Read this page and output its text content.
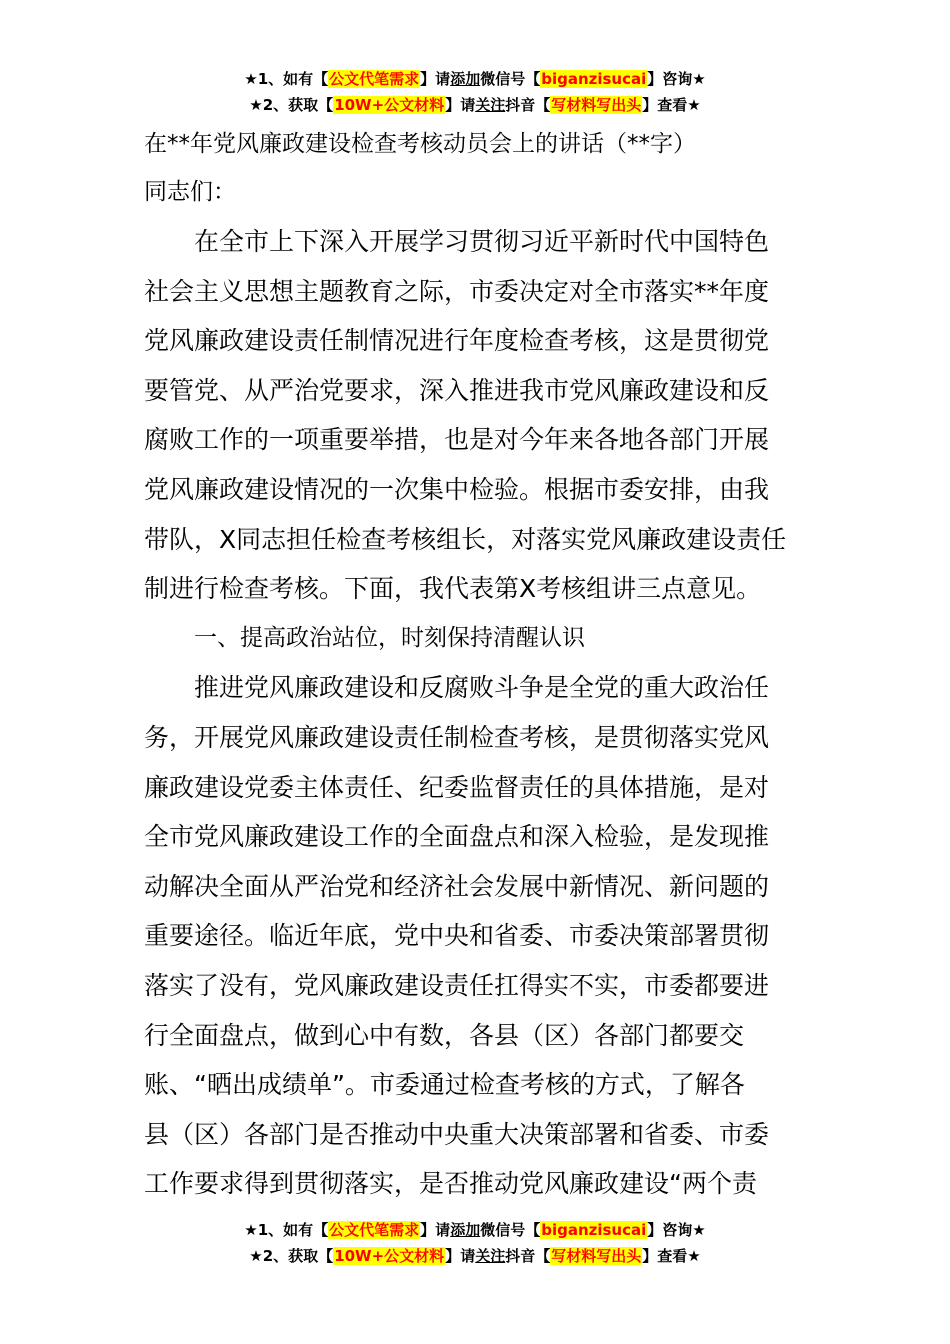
★1、如有【公文代笔需求】请添加微信号【biganzisucai】咨询★
★2、获取【10W+公文材料】请关注抖音【写材料写出头】查看★
在**年党风廉政建设检查考核动员会上的讲话（**字）
同志们：
　　在全市上下深入开展学习贯彻习近平新时代中国特色
社会主义思想主题教育之际，市委决定对全市落实**年度
党风廉政建设责任制情况进行年度检查考核，这是贯彻党
要管党、从严治党要求，深入推进我市党风廉政建设和反
腐败工作的一项重要举措，也是对今年来各地各部门开展
党风廉政建设情况的一次集中检验。根据市委安排，由我
带队，X同志担任检查考核组长，对落实党风廉政建设责任
制进行检查考核。下面，我代表第X考核组讲三点意见。
一、提高政治站位，时刻保持清醒认识
　　推进党风廉政建设和反腐败斗争是全党的重大政治任
务，开展党风廉政建设责任制检查考核，是贯彻落实党风
廉政建设党委主体责任、纪委监督责任的具体措施，是对
全市党风廉政建设工作的全面盘点和深入检验，是发现推
动解决全面从严治党和经济社会发展中新情况、新问题的
重要途径。临近年底，党中央和省委、市委决策部署贯彻
落实了没有，党风廉政建设责任扛得实不实，市委都要进
行全面盘点，做到心中有数，各县（区）各部门都要交
账、“晒出成绩单”。市委通过检查考核的方式，了解各
县（区）各部门是否推动中央重大决策部署和省委、市委
工作要求得到贯彻落实，是否推动党风廉政建设“两个责
★1、如有【公文代笔需求】请添加微信号【biganzisucai】咨询★
★2、获取【10W+公文材料】请关注抖音【写材料写出头】查看★
